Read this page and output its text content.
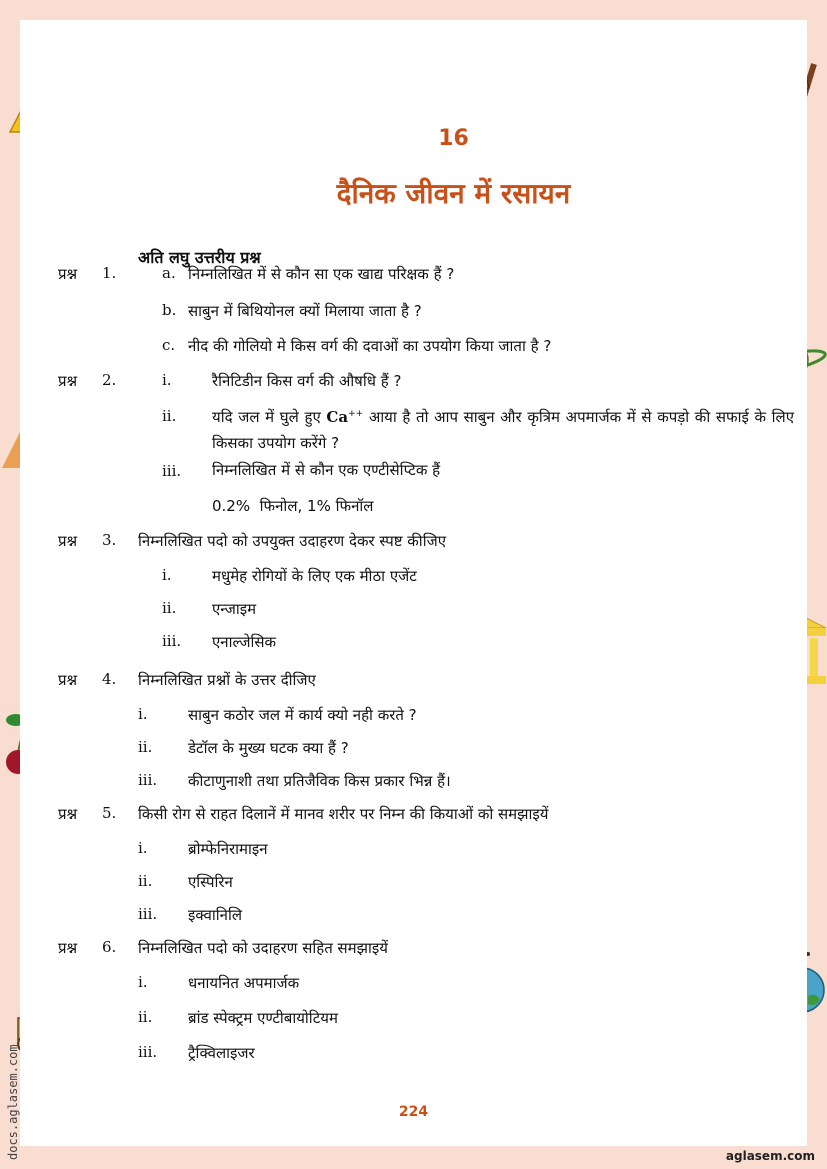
16
दैनिक जीवन में रसायन
अति लघु उत्तरीय प्रश्न
प्रश्न 1.	a. निम्नलिखित में से कौन सा एक खाद्य परिक्षक हैं ?
b. साबुन में बिथियोनल क्यों मिलाया जाता है ?
c. नीद की गोलियो मे किस वर्ग की दवाओं का उपयोग किया जाता है ?
प्रश्न 2.	i.	रैनिटिडीन किस वर्ग की औषधि हैं ?
ii. यदि जल में घुले हुए Ca++ आया है तो आप साबुन और कृत्रिम अपमार्जक में से कपड़ो की सफाई के लिए किसका उपयोग करेंगे ?
iii. निम्नलिखित में से कौन एक एण्टीसेप्टिक हैं
0.2% फिनोल, 1% फिनॉल
प्रश्न 3. निम्नलिखित पदो को उपयुक्त उदाहरण देकर स्पष्ट कीजिए
i.	मधुमेह रोगियों के लिए एक मीठा एजेंट
ii. एन्जाइम
iii. एनाल्जेसिक
प्रश्न 4. निम्नलिखित प्रश्नों के उत्तर दीजिए
i.	साबुन कठोर जल में कार्य क्यो नही करते ?
ii. डेटॉल के मुख्य घटक क्या हैं ?
iii. कीटाणुनाशी तथा प्रतिजैविक किस प्रकार भिन्न हैं।
प्रश्न 5. किसी रोग से राहत दिलानें में मानव शरीर पर निम्न की कियाओं को समझाइयें
i.	ब्रोम्फेनिरामाइन
ii. एस्पिरिन
iii. इक्वानिलि
प्रश्न 6. निम्नलिखित पदो को उदाहरण सहित समझाइयें
i.	धनायनित अपमार्जक
ii. ब्रांड स्पेक्ट्रम एण्टीबायोटियम
iii. ट्रैक्विलाइजर
224
docs.aglasem.com	aglasem.com
